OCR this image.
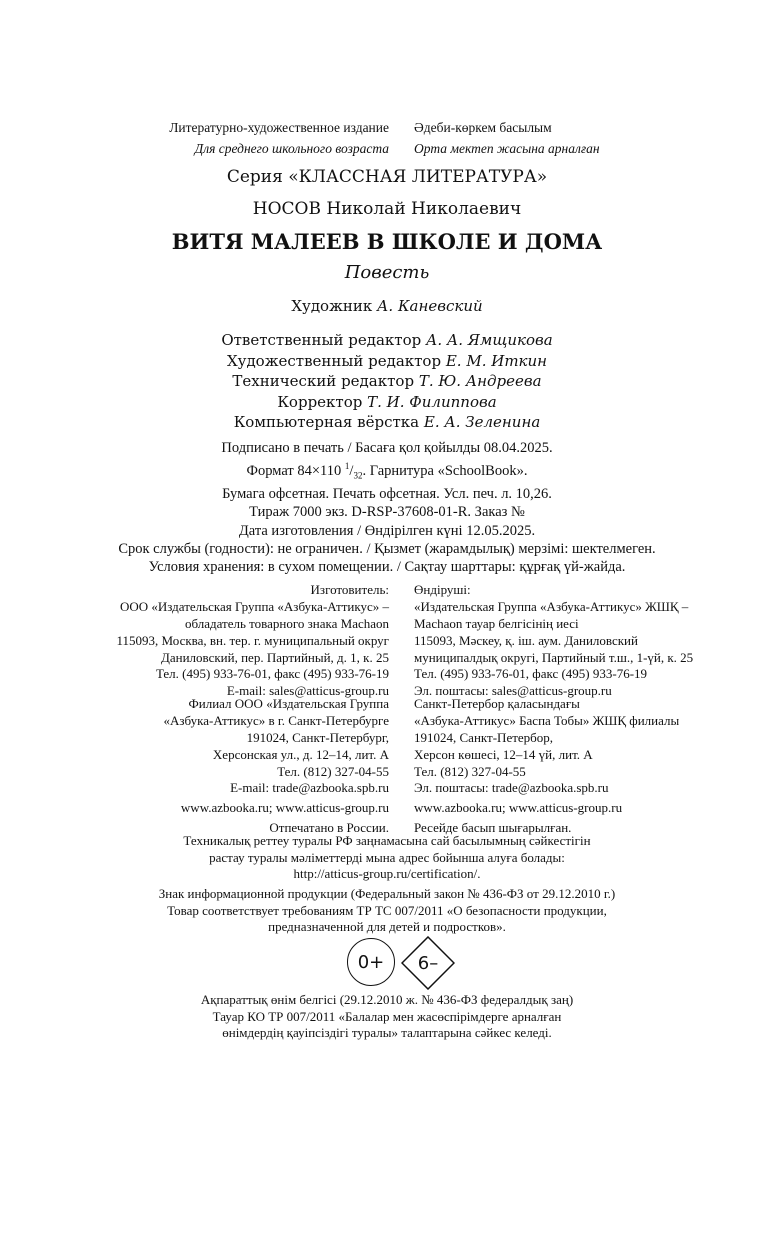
Литературно-художественное издание
Для среднего школьного возраста
Әдеби-көркем басылым
Орта мектеп жасына арналған
Серия «КЛАССНАЯ ЛИТЕРАТУРА»
НОСОВ Николай Николаевич
ВИТЯ МАЛЕЕВ В ШКОЛЕ И ДОМА
Повесть
Художник А. Каневский
Ответственный редактор А. А. Ямщикова
Художественный редактор Е. М. Иткин
Технический редактор Т. Ю. Андреева
Корректор Т. И. Филиппова
Компьютерная вёрстка Е. А. Зеленина
Подписано в печать / Басаға қол қойылды 08.04.2025.
Формат 84×110 $^1/_{32}$. Гарнитура «SchoolBook».
Бумага офсетная. Печать офсетная. Усл. печ. л. 10,26.
Тираж 7000 экз. D-RSP-37608-01-R. Заказ №
Дата изготовления / Өндірілген күні 12.05.2025.
Срок службы (годности): не ограничен. / Қызмет (жарамдылық) мерзімі: шектелмеген.
Условия хранения: в сухом помещении. / Сақтау шарттары: құрғақ үй-жайда.
Изготовитель:
ООО «Издательская Группа «Азбука-Аттикус» –
обладатель товарного знака Machaon
115093, Москва, вн. тер. г. муниципальный округ
Даниловский, пер. Партийный, д. 1, к. 25
Тел. (495) 933-76-01, факс (495) 933-76-19
E-mail: sales@atticus-group.ru
Өндіруші:
«Издательская Группа «Азбука-Аттикус» ЖШҚ –
Machaon тауар белгісінің иесі
115093, Мәскеу, қ. іш. аум. Даниловский
муниципалдық округі, Партийный т.ш., 1-үй, к. 25
Тел. (495) 933-76-01, факс (495) 933-76-19
Эл. поштасы: sales@atticus-group.ru
Филиал ООО «Издательская Группа
«Азбука-Аттикус» в г. Санкт-Петербурге
191024, Санкт-Петербург,
Херсонская ул., д. 12–14, лит. А
Тел. (812) 327-04-55
E-mail: trade@azbooka.spb.ru
www.azbooka.ru; www.atticus-group.ru
Отпечатано в России.
Санкт-Петербор қаласындағы
«Азбука-Аттикус» Баспа Тобы» ЖШҚ филиалы
191024, Санкт-Петербор,
Херсон көшесі, 12–14 үй, лит. А
Тел. (812) 327-04-55
Эл. поштасы: trade@azbooka.spb.ru
www.azbooka.ru; www.atticus-group.ru
Ресейде басып шығарылған.
Техникалық реттеу туралы РФ заңнамасына сай басылымның сәйкестігін
растау туралы мәліметтерді мына адрес бойынша алуға болады:
http://atticus-group.ru/certification/.
Знак информационной продукции (Федеральный закон № 436-ФЗ от 29.12.2010 г.)
Товар соответствует требованиям ТР ТС 007/2011 «О безопасности продукции,
предназначенной для детей и подростков».
0+	6–
Ақпараттық өнім белгісі (29.12.2010 ж. № 436-ФЗ федералдық заң)
Тауар КО ТР 007/2011 «Балалар мен жасөспірімдерге арналған
өнімдердің қауіпсіздігі туралы» талаптарына сәйкес келеді.
